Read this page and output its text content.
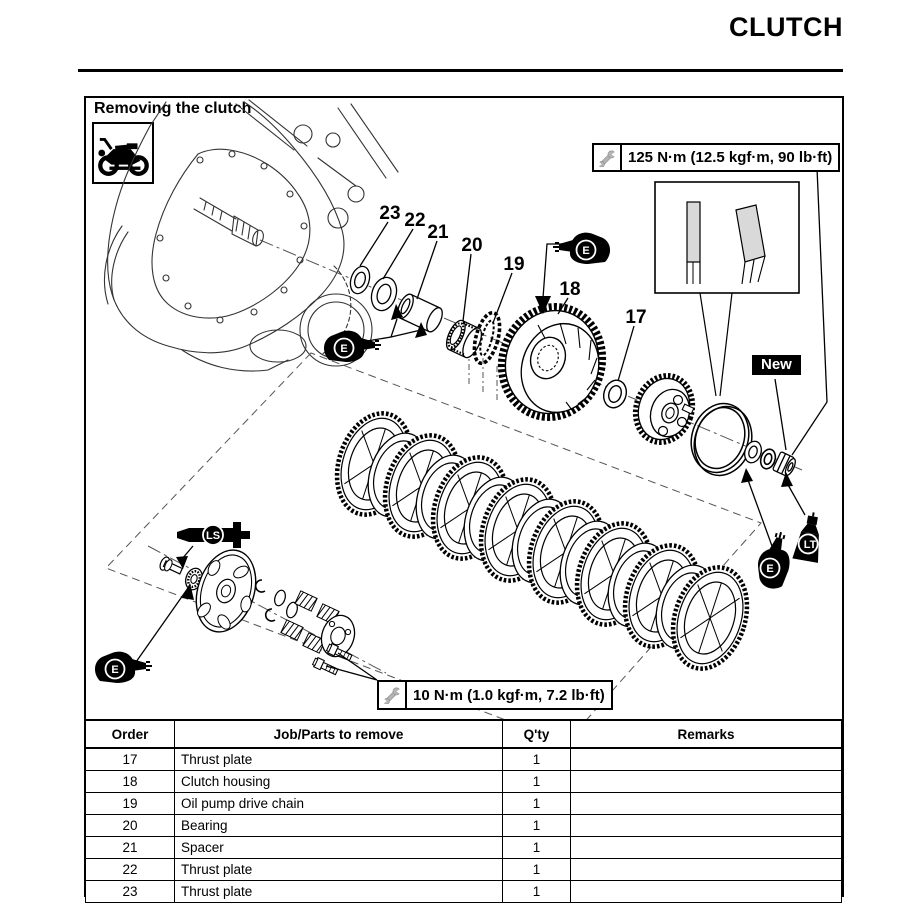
CLUTCH
Removing the clutch
23 22
21
20
19
18
17
E
E
E
E
LS
LT
125 N·m (12.5 kgf·m, 90 lb·ft)
10 N·m (1.0 kgf·m, 7.2 lb·ft)
New
Order	Job/Parts to remove	Q'ty	Remarks
17	Thrust plate	1	
18	Clutch housing	1	
19	Oil pump drive chain	1	
20	Bearing	1	
21	Spacer	1	
22	Thrust plate	1	
23	Thrust plate	1	
